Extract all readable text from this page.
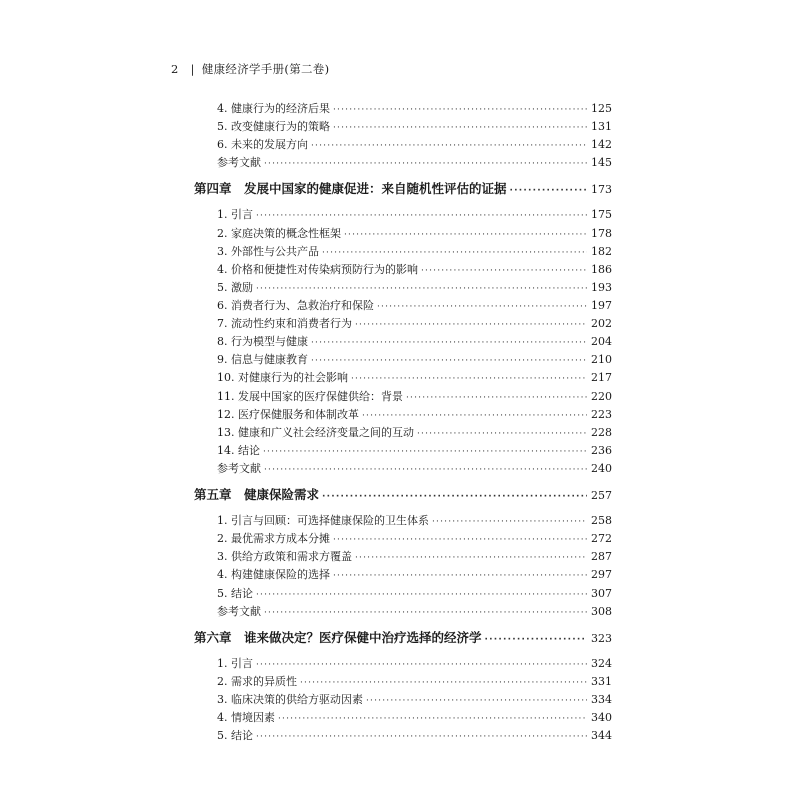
2 | 健康经济学手册(第二卷)
4. 健康行为的经济后果 ·····	125
5. 改变健康行为的策略 ·····	131
6. 未来的发展方向 ·····	142
参考文献 ·····	145
第四章　发展中国家的健康促进：来自随机性评估的证据 ·····	173
1. 引言 ·····	175
2. 家庭决策的概念性框架 ·····	178
3. 外部性与公共产品 ·····	182
4. 价格和便捷性对传染病预防行为的影响 ·····	186
5. 激励 ·····	193
6. 消费者行为、急救治疗和保险 ·····	197
7. 流动性约束和消费者行为 ·····	202
8. 行为模型与健康 ·····	204
9. 信息与健康教育 ·····	210
10. 对健康行为的社会影响 ·····	217
11. 发展中国家的医疗保健供给：背景 ·····	220
12. 医疗保健服务和体制改革 ·····	223
13. 健康和广义社会经济变量之间的互动 ·····	228
14. 结论 ·····	236
参考文献 ·····	240
第五章　健康保险需求 ·····	257
1. 引言与回顾：可选择健康保险的卫生体系 ·····	258
2. 最优需求方成本分摊 ·····	272
3. 供给方政策和需求方覆盖 ·····	287
4. 构建健康保险的选择 ·····	297
5. 结论 ·····	307
参考文献 ·····	308
第六章　谁来做决定？医疗保健中治疗选择的经济学 ·····	323
1. 引言 ·····	324
2. 需求的异质性 ·····	331
3. 临床决策的供给方驱动因素 ·····	334
4. 情境因素 ·····	340
5. 结论 ·····	344
